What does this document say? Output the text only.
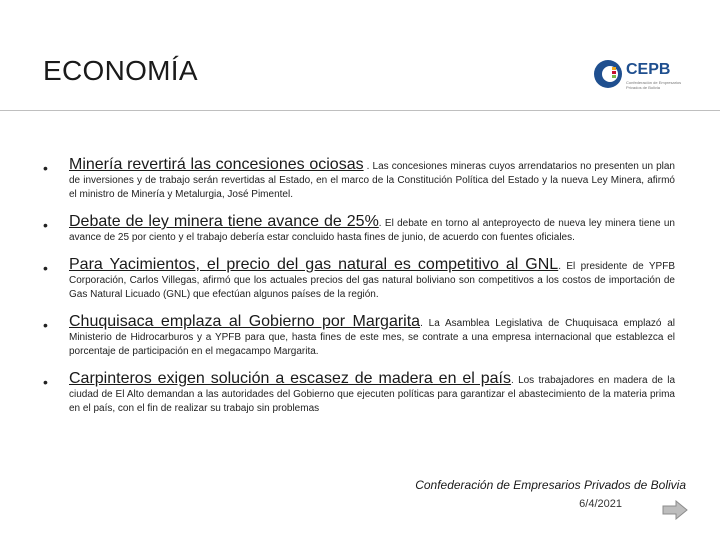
ECONOMÍA	CEPB
Confederación de Empresarios Privados de Bolivia
• Minería revertirá las concesiones ociosas . Las concesiones mineras cuyos arrendatarios no presenten un plan de inversiones y de trabajo serán revertidas al Estado, en el marco de la Constitución Política del Estado y la nueva Ley Minera, afirmó el ministro de Minería y Metalurgia, José Pimentel.
• Debate de ley minera tiene avance de 25%. El debate en torno al anteproyecto de nueva ley minera tiene un avance de 25 por ciento y el trabajo debería estar concluido hasta fines de junio, de acuerdo con fuentes oficiales.
• Para Yacimientos, el precio del gas natural es competitivo al GNL. El presidente de YPFB Corporación, Carlos Villegas, afirmó que los actuales precios del gas natural boliviano son competitivos a los costos de importación de Gas Natural Licuado (GNL) que efectúan algunos países de la región.
• Chuquisaca emplaza al Gobierno por Margarita. La Asamblea Legislativa de Chuquisaca emplazó al Ministerio de Hidrocarburos y a YPFB para que, hasta fines de este mes, se contrate a una empresa internacional que establezca el porcentaje de participación en el megacampo Margarita.
• Carpinteros exigen solución a escasez de madera en el país. Los trabajadores en madera de la ciudad de El Alto demandan a las autoridades del Gobierno que ejecuten políticas para garantizar el abastecimiento de la materia prima en el país, con el fin de realizar su trabajo sin problemas
Confederación de Empresarios Privados de Bolivia
6/4/2021
